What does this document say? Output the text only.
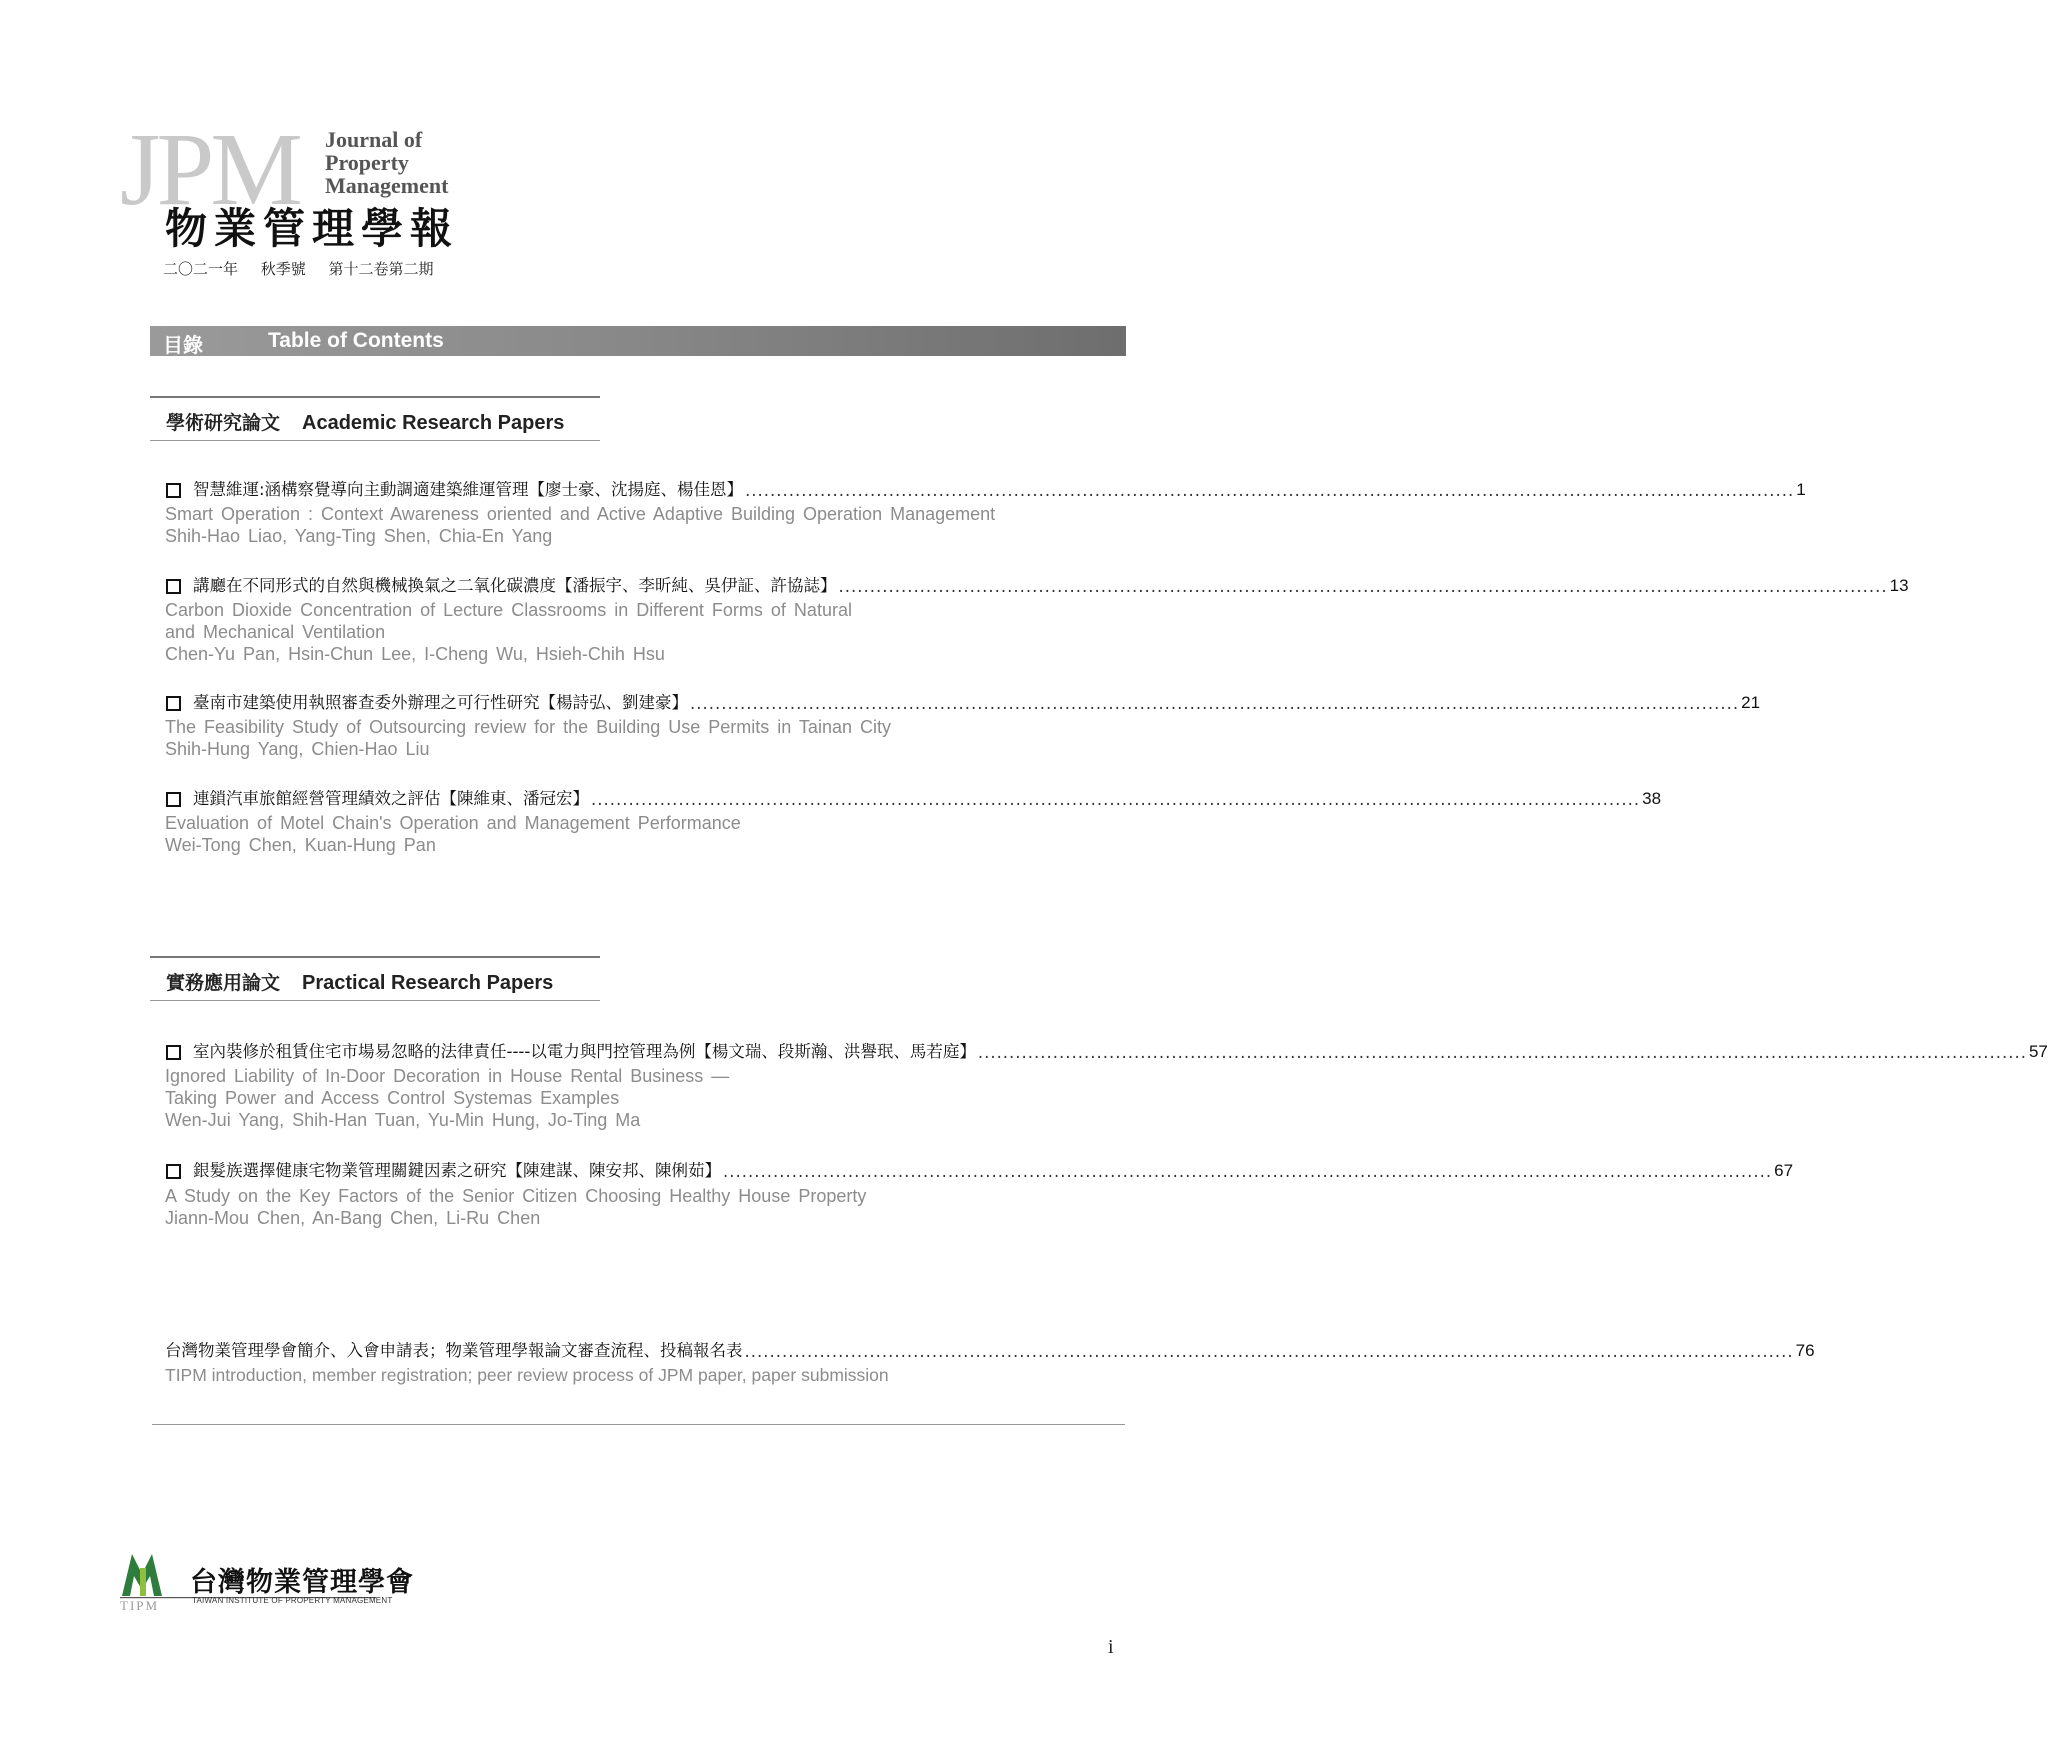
JPM Journal of
Property
Management
物業管理學報
二〇二一年 秋季號 第十二卷第二期
目錄	Table of Contents
學術研究論文 Academic Research Papers
智慧維運:涵構察覺導向主動調適建築維運管理【廖士豪、沈揚庭、楊佳恩】 ........................................................................................................................................................................ 1
Smart Operation : Context Awareness oriented and Active Adaptive Building Operation Management
Shih-Hao Liao, Yang-Ting Shen, Chia-En Yang
講廳在不同形式的自然與機械換氣之二氧化碳濃度【潘振宇、李昕純、吳伊証、許協誌】 ........................................................................................................................................................................ 13
Carbon Dioxide Concentration of Lecture Classrooms in Different Forms of Natural
and Mechanical Ventilation
Chen-Yu Pan, Hsin-Chun Lee, I-Cheng Wu, Hsieh-Chih Hsu
臺南市建築使用執照審查委外辦理之可行性研究【楊詩弘、劉建豪】 ........................................................................................................................................................................ 21
The Feasibility Study of Outsourcing review for the Building Use Permits in Tainan City
Shih-Hung Yang, Chien-Hao Liu
連鎖汽車旅館經營管理績效之評估【陳維東、潘冠宏】 ........................................................................................................................................................................ 38
Evaluation of Motel Chain's Operation and Management Performance
Wei-Tong Chen, Kuan-Hung Pan
實務應用論文 Practical Research Papers
室內裝修於租賃住宅市場易忽略的法律責任----以電力與門控管理為例【楊文瑞、段斯瀚、洪譽珉、馬若庭】 ........................................................................................................................................................................ 57
Ignored Liability of In-Door Decoration in House Rental Business —
Taking Power and Access Control Systemas Examples
Wen-Jui Yang, Shih-Han Tuan, Yu-Min Hung, Jo-Ting Ma
銀髮族選擇健康宅物業管理關鍵因素之研究【陳建謀、陳安邦、陳俐茹】 ........................................................................................................................................................................ 67
A Study on the Key Factors of the Senior Citizen Choosing Healthy House Property
Jiann-Mou Chen, An-Bang Chen, Li-Ru Chen
台灣物業管理學會簡介、入會申請表；物業管理學報論文審查流程、投稿報名表 ........................................................................................................................................................................ 76
TIPM introduction, member registration; peer review process of JPM paper, paper submission
TIPM
台灣物業管理學會
TAIWAN INSTITUTE OF PROPERTY MANAGEMENT
i
